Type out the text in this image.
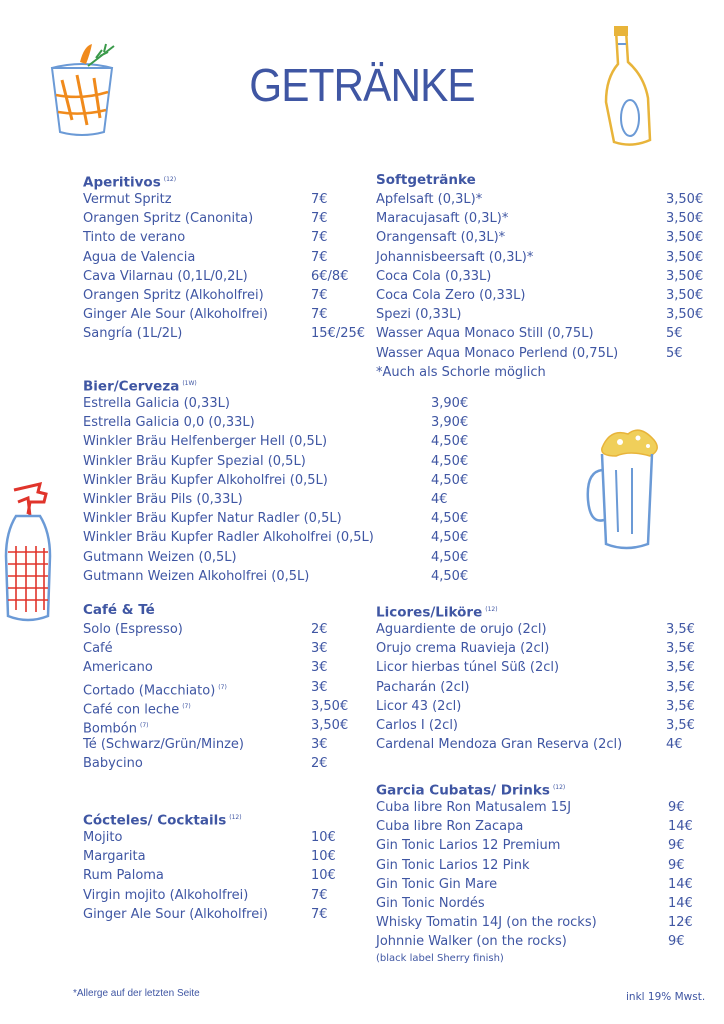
GETRÄNKE
Aperitivos $^{(12)}$
Vermut Spritz	7€
Orangen Spritz (Canonita)	7€
Tinto de verano	7€
Agua de Valencia	7€
Cava Vilarnau (0,1L/0,2L)	6€/8€
Orangen Spritz (Alkoholfrei)	7€
Ginger Ale Sour (Alkoholfrei)	7€
Sangría (1L/2L)	15€/25€
Softgetränke
Apfelsaft (0,3L)*	3,50€
Maracujasaft (0,3L)*	3,50€
Orangensaft (0,3L)*	3,50€
Johannisbeersaft (0,3L)*	3,50€
Coca Cola (0,33L)	3,50€
Coca Cola Zero (0,33L)	3,50€
Spezi (0,33L)	3,50€
Wasser Aqua Monaco Still (0,75L)	5€
Wasser Aqua Monaco Perlend (0,75L)	5€
*Auch als Schorle möglich
Bier/Cerveza $^{(1W)}$
Estrella Galicia (0,33L)	3,90€
Estrella Galicia 0,0 (0,33L)	3,90€
Winkler Bräu Helfenberger Hell (0,5L)	4,50€
Winkler Bräu Kupfer Spezial (0,5L)	4,50€
Winkler Bräu Kupfer Alkoholfrei (0,5L)	4,50€
Winkler Bräu Pils (0,33L)	4€
Winkler Bräu Kupfer Natur Radler (0,5L)	4,50€
Winkler Bräu Kupfer Radler Alkoholfrei (0,5L)	4,50€
Gutmann Weizen (0,5L)	4,50€
Gutmann Weizen Alkoholfrei (0,5L)	4,50€
Café & Té
Solo (Espresso)	2€
Café	3€
Americano	3€
Cortado (Macchiato) $^{(7)}$	3€
Café con leche $^{(7)}$	3,50€
Bombón $^{(7)}$	3,50€
Té (Schwarz/Grün/Minze)	3€
Babycino	2€
Licores/Liköre $^{(12)}$
Aguardiente de orujo (2cl)	3,5€
Orujo crema Ruavieja (2cl)	3,5€
Licor hierbas túnel Süß (2cl)	3,5€
Pacharán (2cl)	3,5€
Licor 43 (2cl)	3,5€
Carlos I (2cl)	3,5€
Cardenal Mendoza Gran Reserva (2cl)	4€
Cócteles/ Cocktails $^{(12)}$
Mojito	10€
Margarita	10€
Rum Paloma	10€
Virgin mojito (Alkoholfrei)	7€
Ginger Ale Sour (Alkoholfrei)	7€
Garcia Cubatas/ Drinks $^{(12)}$
Cuba libre Ron Matusalem 15J	9€
Cuba libre Ron Zacapa	14€
Gin Tonic Larios 12 Premium	9€
Gin Tonic Larios 12 Pink	9€
Gin Tonic Gin Mare	14€
Gin Tonic Nordés	14€
Whisky Tomatin 14J (on the rocks)	12€
Johnnie Walker (on the rocks)	9€
(black label Sherry finish)
*Allerge auf der letzten Seite	inkl 19% Mwst.
